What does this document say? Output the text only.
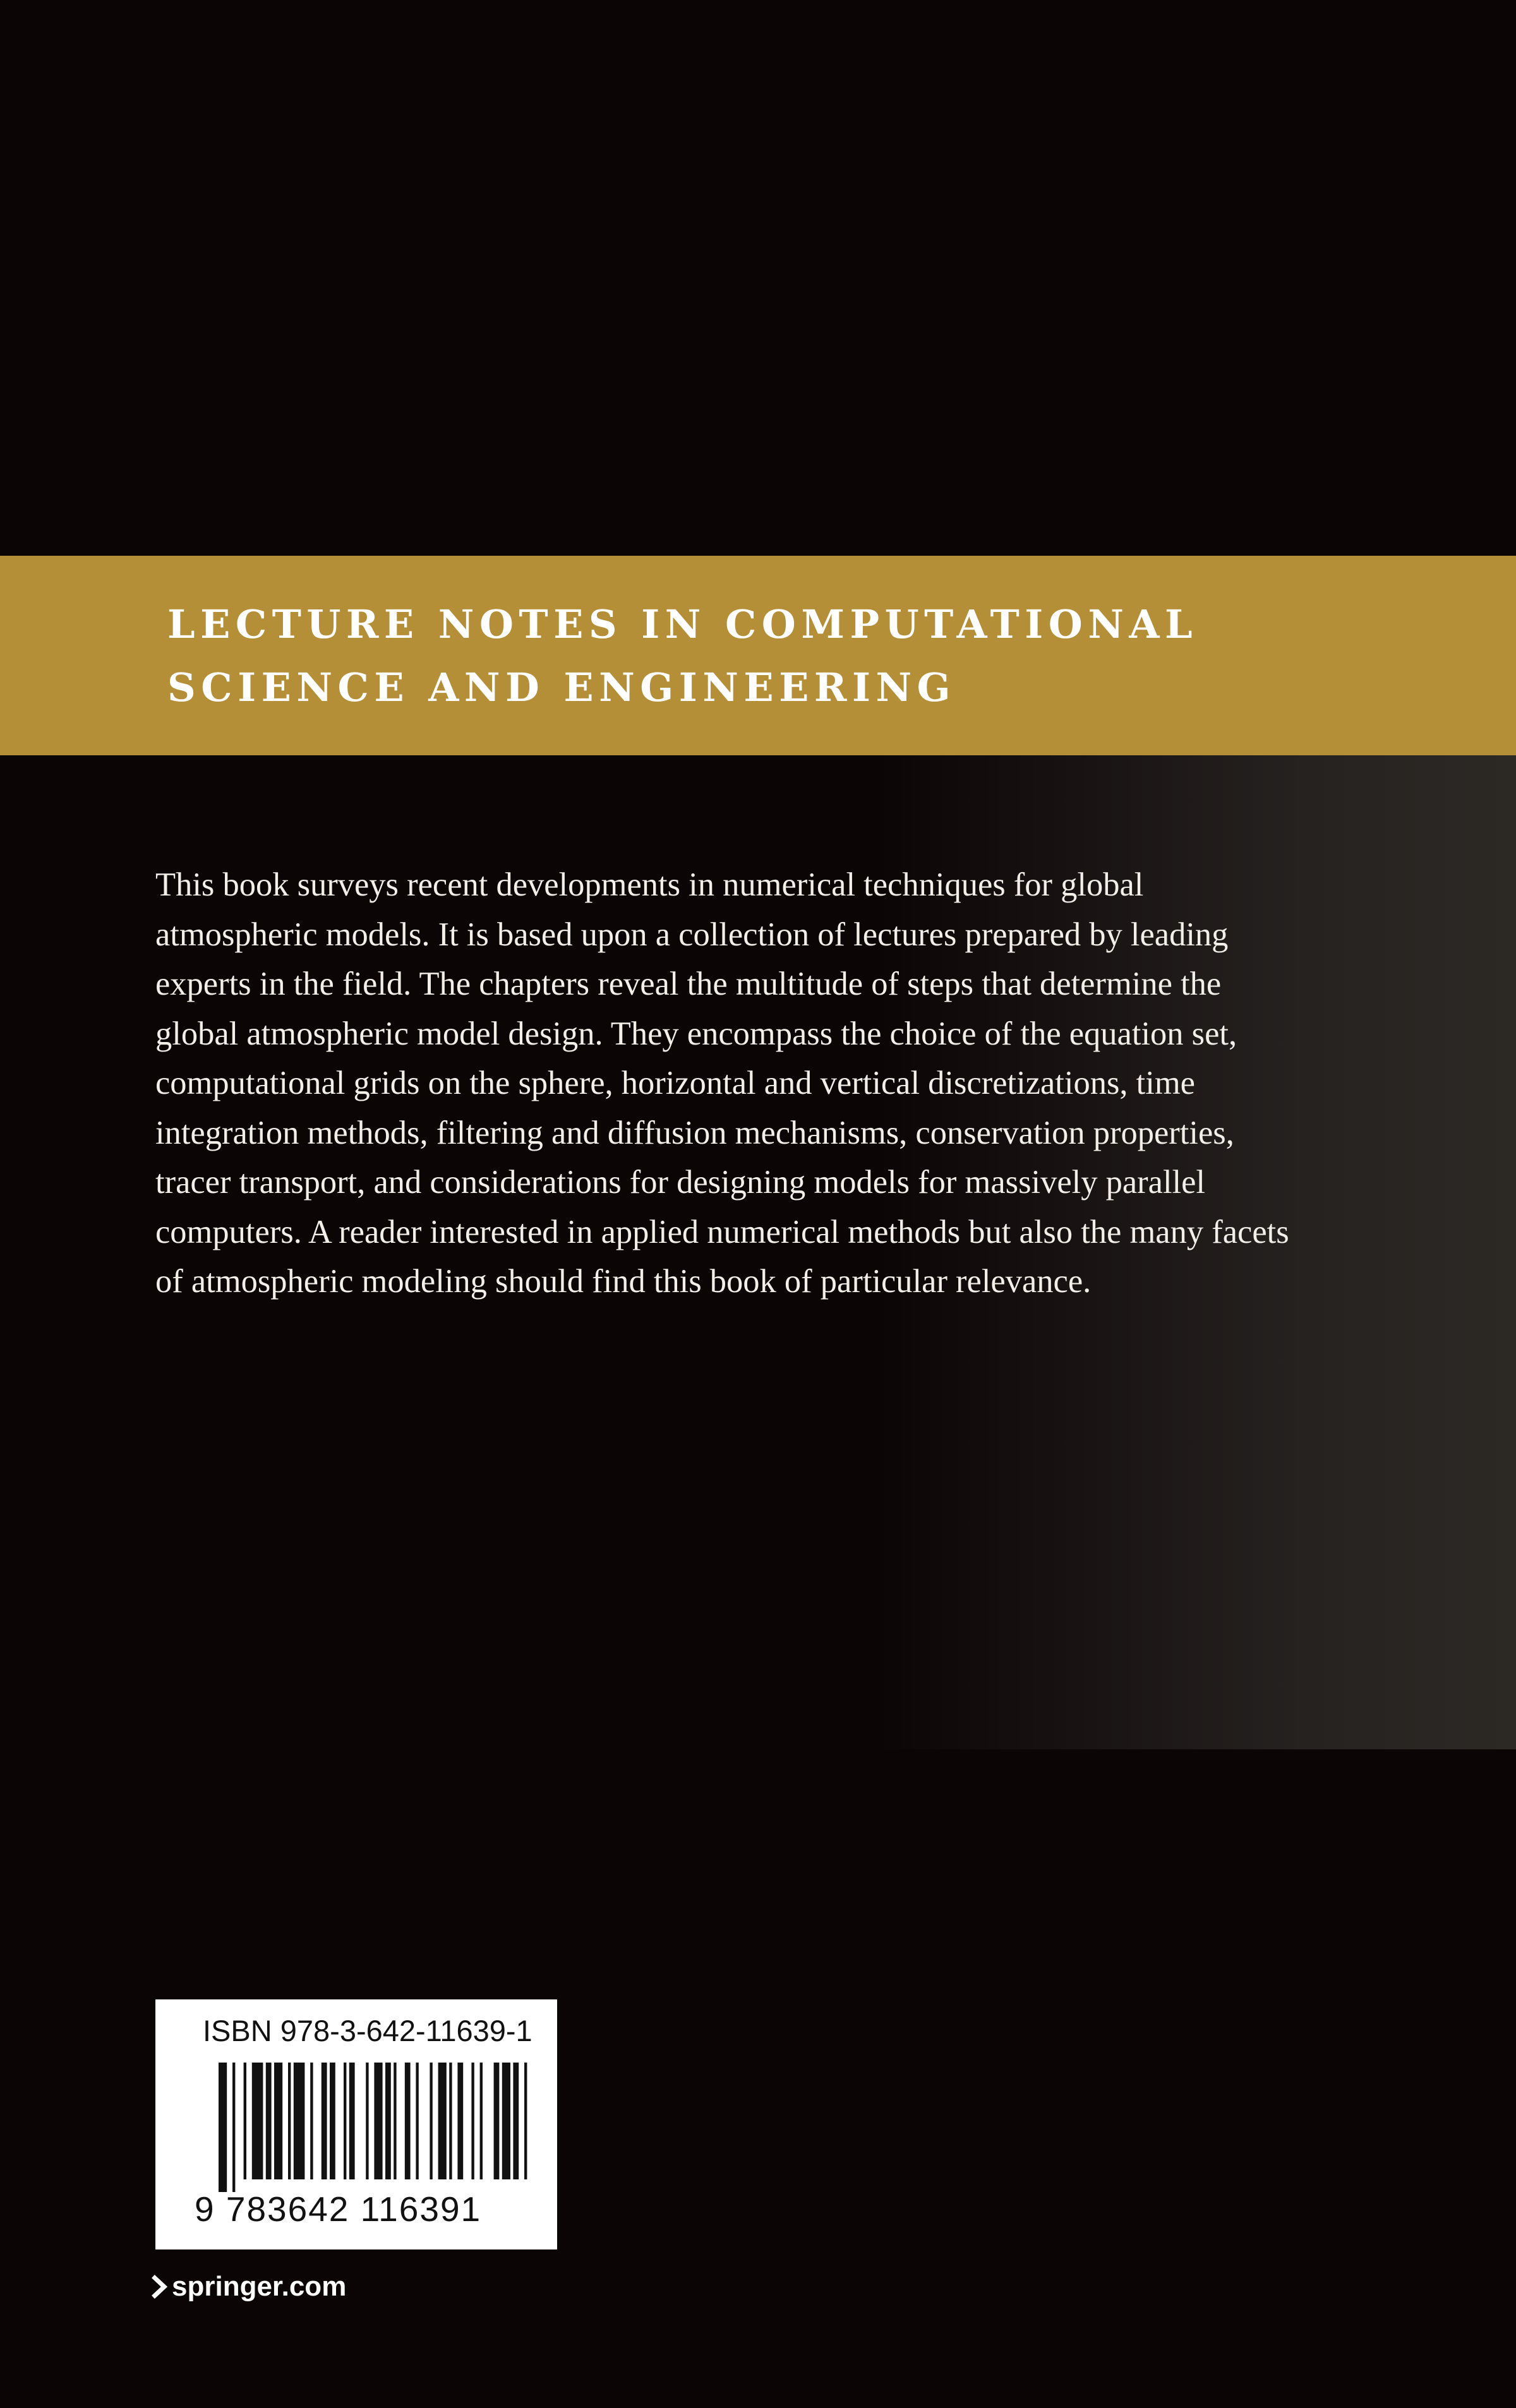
LECTURE NOTES IN COMPUTATIONAL

SCIENCE AND ENGINEERING

This book surveys recent developments in numerical techniques for global
atmospheric models. It is based upon a collection of lectures prepared by leading
experts in the field. The chapters reveal the multitude of steps that determine the
global atmospheric model design. They encompass the choice of the equation set,
computational grids on the sphere, horizontal and vertical discretizations, time
integration methods, filtering and diffusion mechanisms, conservation properties,
tracer transport, and considerations for designing models for massively parallel
computers. A reader interested in applied numerical methods but also the many facets
of atmospheric modeling should find this book of particular relevance.

ISBN 978-3-642-11639-1

9 783642 116391

springer.com
